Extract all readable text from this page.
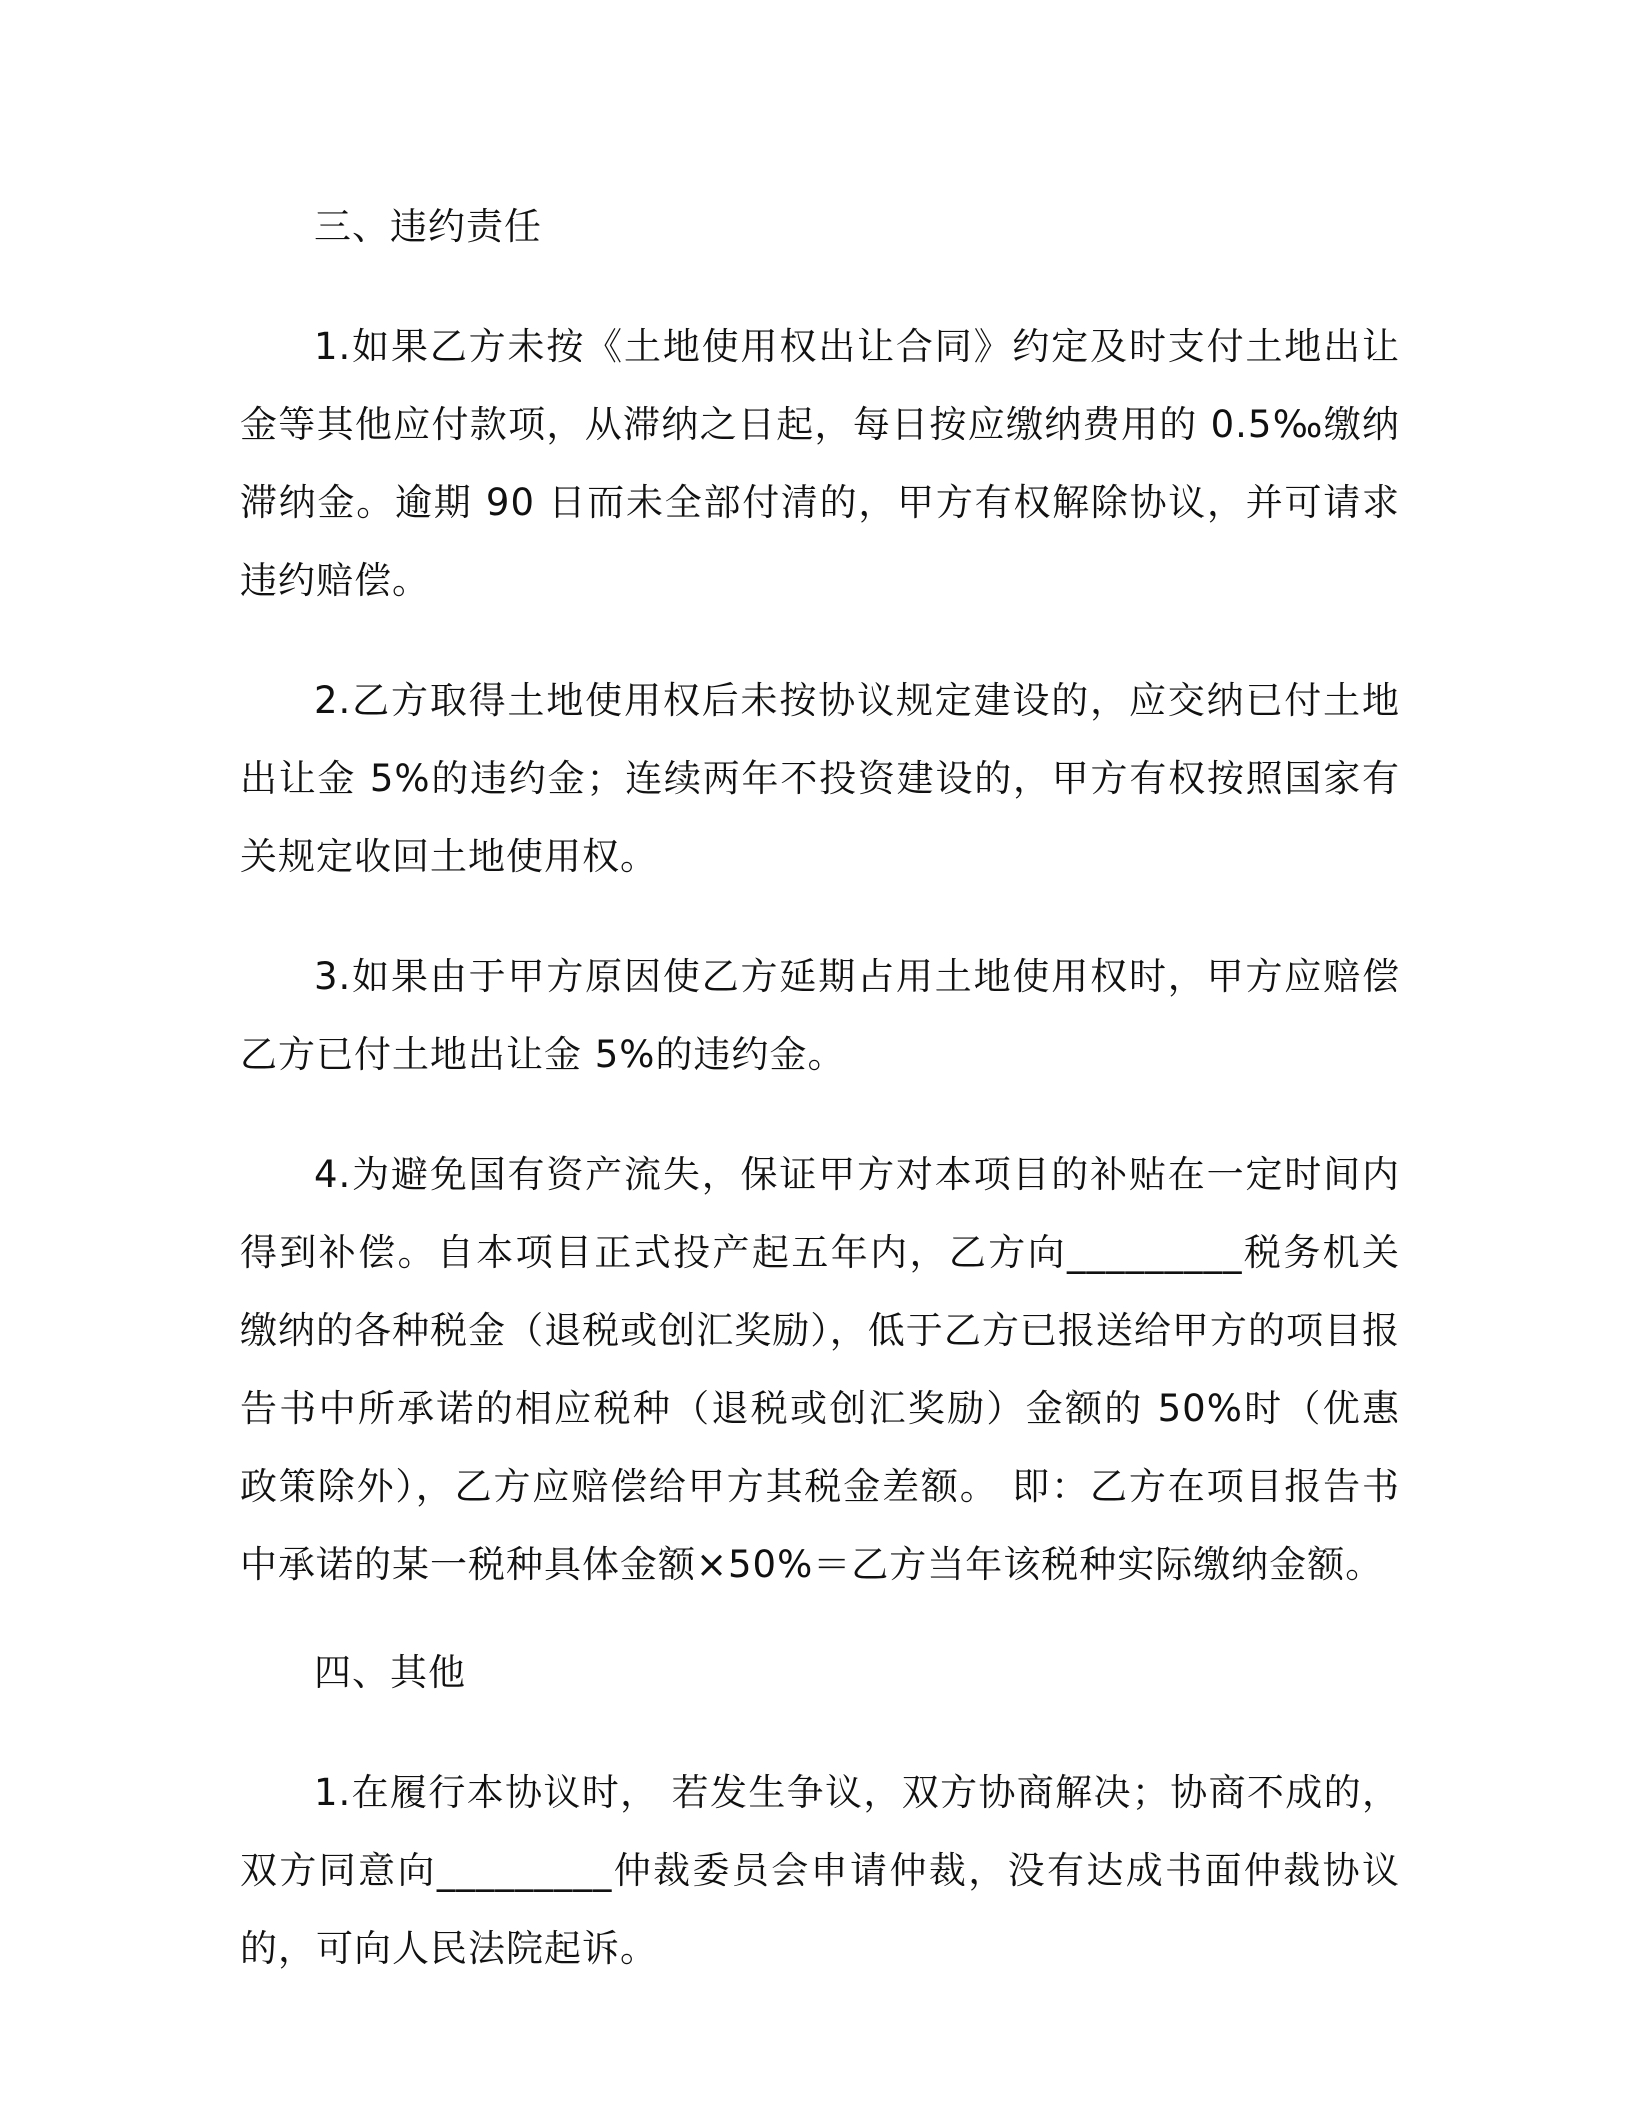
三、违约责任

1.如果乙方未按《土地使用权出让合同》约定及时支付土地出让金等其他应付款项，从滞纳之日起，每日按应缴纳费用的 0.5‰缴纳滞纳金。逾期 90 日而未全部付清的，甲方有权解除协议，并可请求违约赔偿。

2.乙方取得土地使用权后未按协议规定建设的，应交纳已付土地出让金 5%的违约金；连续两年不投资建设的，甲方有权按照国家有关规定收回土地使用权。

3.如果由于甲方原因使乙方延期占用土地使用权时，甲方应赔偿乙方已付土地出让金 5%的违约金。

4.为避免国有资产流失，保证甲方对本项目的补贴在一定时间内得到补偿。自本项目正式投产起五年内，乙方向_________税务机关缴纳的各种税金（退税或创汇奖励），低于乙方已报送给甲方的项目报告书中所承诺的相应税种（退税或创汇奖励）金额的 50%时（优惠政策除外），乙方应赔偿给甲方其税金差额。 即：乙方在项目报告书中承诺的某一税种具体金额×50%＝乙方当年该税种实际缴纳金额。

四、其他

1.在履行本协议时， 若发生争议，双方协商解决；协商不成的，双方同意向_________仲裁委员会申请仲裁，没有达成书面仲裁协议的，可向人民法院起诉。
